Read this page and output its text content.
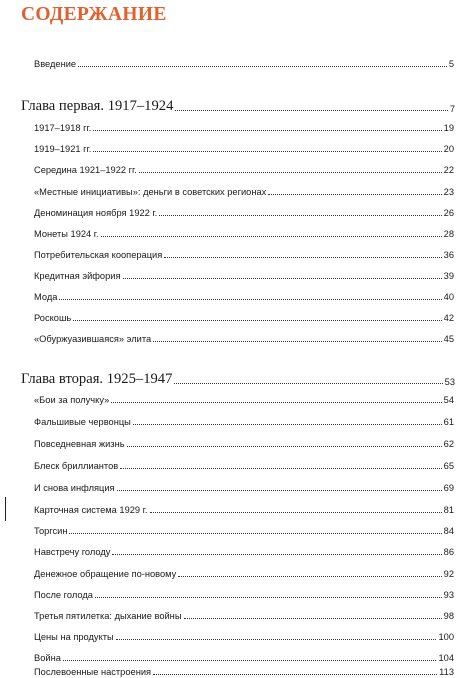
СОДЕРЖАНИЕ
Введение	5
Глава первая. 1917–1924	7
1917–1918 гг.	19
1919–1921 гг.	20
Середина 1921–1922 гг.	22
«Местные инициативы»: деньги в советских регионах	23
Деноминация ноября 1922 г.	26
Монеты 1924 г.	28
Потребительская кооперация	36
Кредитная эйфория	39
Мода	40
Роскошь	42
«Обуржуазившаяся» элита	45
Глава вторая. 1925–1947	53
«Бои за получку»	54
Фальшивые червонцы	61
Повседневная жизнь	62
Блеск бриллиантов	65
И снова инфляция	69
Карточная система 1929 г.	81
Торгсин	84
Навстречу голоду	86
Денежное обращение по-новому	92
После голода	93
Третья пятилетка: дыхание войны	98
Цены на продукты	100
Война	104
Послевоенные настроения	113
